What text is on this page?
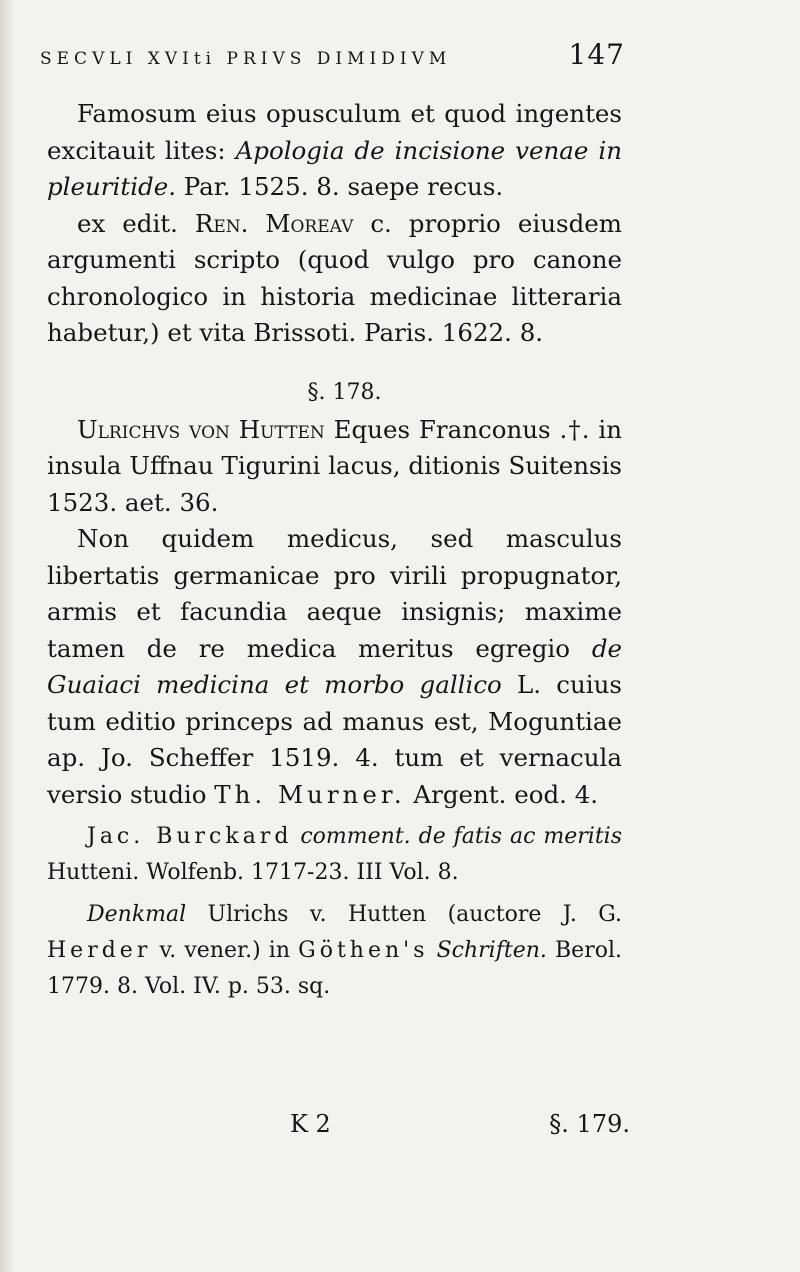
SECVLI XVIti PRIVS DIMIDIVM	147

Famosum eius opusculum et quod ingentes excitauit lites: Apologia de incisione venae in pleuritide. Par. 1525. 8. saepe recus.

ex edit. Ren. Moreav c. proprio eiusdem argumenti scripto (quod vulgo pro canone chronologico in historia medicinae litteraria habetur,) et vita Brissoti. Paris. 1622. 8.

§. 178.

Ulrichvs von Hutten Eques Franconus .†. in insula Uffnau Tigurini lacus, ditionis Suitensis 1523. aet. 36.

Non quidem medicus, sed masculus libertatis germanicae pro virili propugnator, armis et facundia aeque insignis; maxime tamen de re medica meritus egregio de Guaiaci medicina et morbo gallico L. cuius tum editio princeps ad manus est, Moguntiae ap. Jo. Scheffer 1519. 4. tum et vernacula versio studio Th. Murner. Argent. eod. 4.

Jac. Burckard comment. de fatis ac meritis Hutteni. Wolfenb. 1717-23. III Vol. 8.

Denkmal Ulrichs v. Hutten (auctore J. G. Herder v. vener.) in Göthen's Schriften. Berol. 1779. 8. Vol. IV. p. 53. sq.

K 2	§. 179.
